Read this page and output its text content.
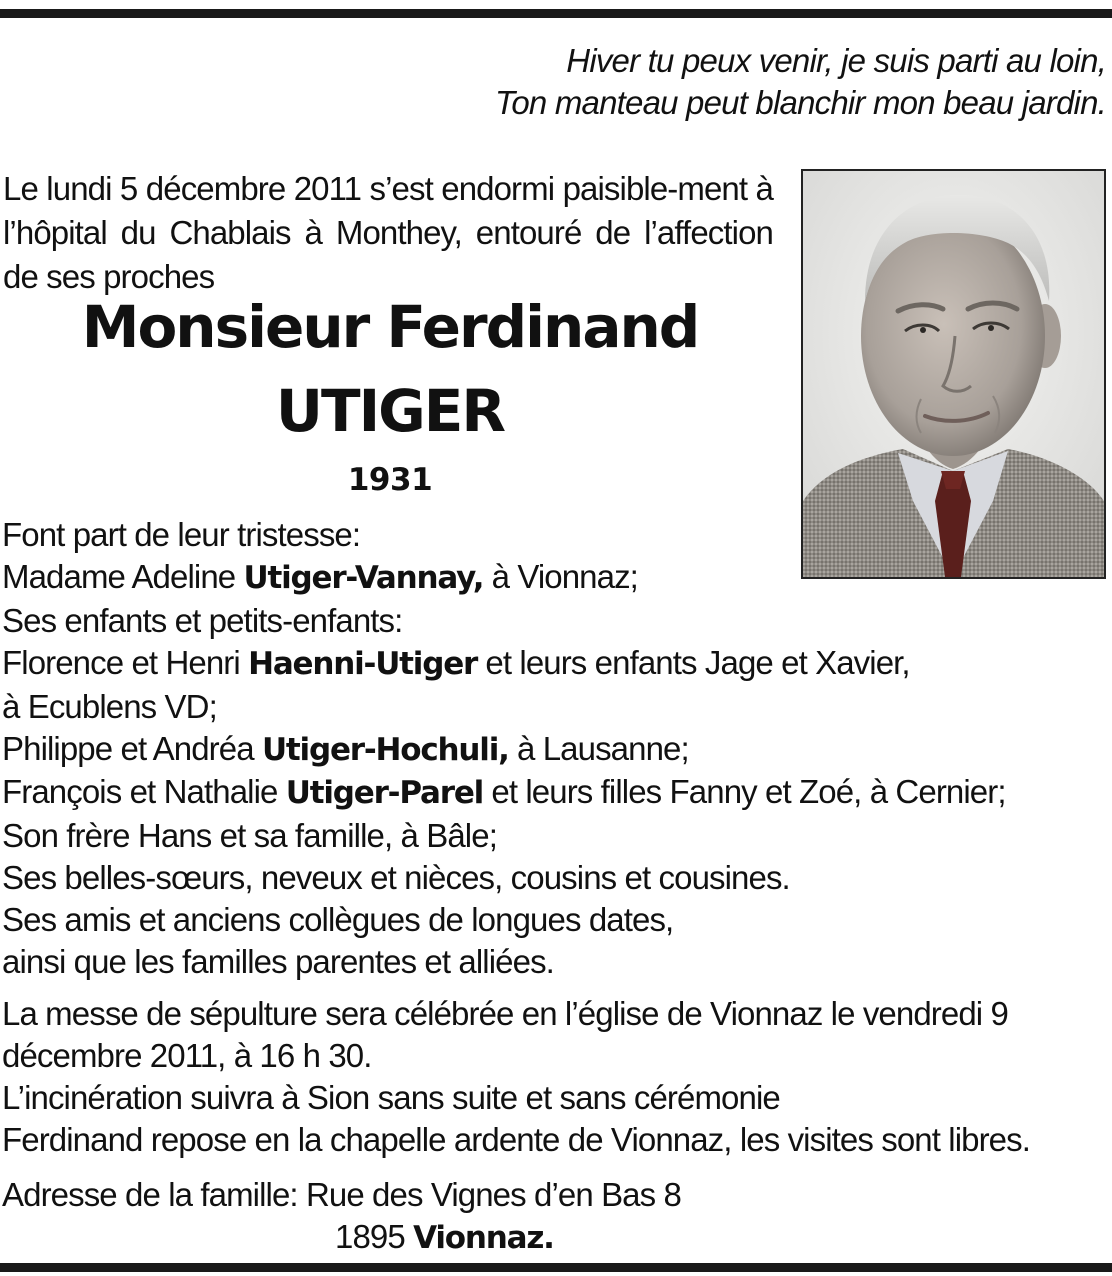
Hiver tu peux venir, je suis parti au loin,
Ton manteau peut blanchir mon beau jardin.
Le lundi 5 décembre 2011 s’est endormi paisible-ment à l’hôpital du Chablais à Monthey, entouré de l’affection de ses proches
Monsieur Ferdinand
UTIGER
1931
Font part de leur tristesse:
Madame Adeline Utiger-Vannay, à Vionnaz;
Ses enfants et petits-enfants:
Florence et Henri Haenni-Utiger et leurs enfants Jage et Xavier,
à Ecublens VD;
Philippe et Andréa Utiger-Hochuli, à Lausanne;
François et Nathalie Utiger-Parel et leurs filles Fanny et Zoé, à Cernier;
Son frère Hans et sa famille, à Bâle;
Ses belles-sœurs, neveux et nièces, cousins et cousines.
Ses amis et anciens collègues de longues dates,
ainsi que les familles parentes et alliées.
La messe de sépulture sera célébrée en l’église de Vionnaz le vendredi 9
décembre 2011, à 16 h 30.
L’incinération suivra à Sion sans suite et sans cérémonie
Ferdinand repose en la chapelle ardente de Vionnaz, les visites sont libres.
Adresse de la famille: Rue des Vignes d’en Bas 8
1895 Vionnaz.
